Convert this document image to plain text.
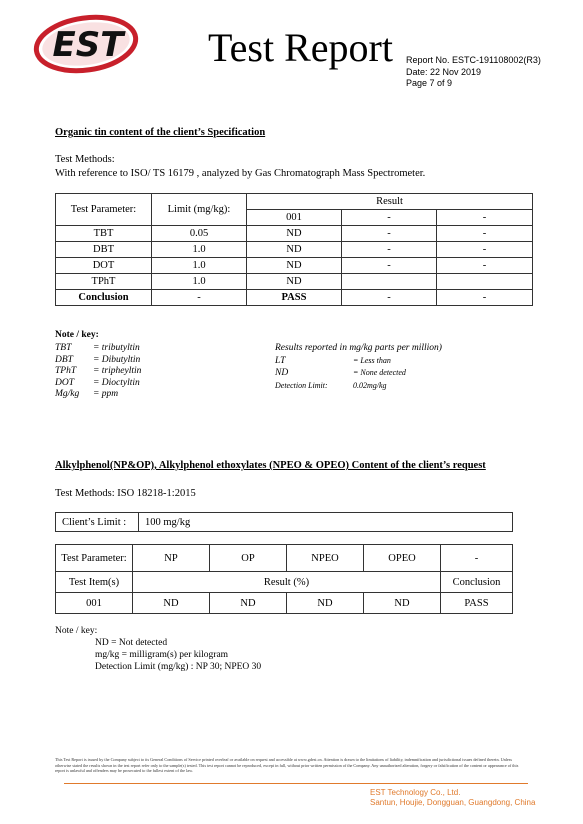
EST Test Report Report No. ESTC-191108002(R3)
Date: 22 Nov 2019
Page 7 of 9
Organic tin content of the client’s Specification
Test Methods:
With reference to ISO/ TS 16179 , analyzed by Gas Chromatograph Mass Spectrometer.
Test Parameter:	Limit (mg/kg):	Result		
		001	-	-
TBT	0.05	ND	-	-
DBT	1.0	ND	-	-
DOT	1.0	ND	-	-
TPhT	1.0	ND		
Conclusion	-	PASS	-	-
Note / key:
TBT = tributyltin
DBT = Dibutyltin
TPhT = tripheyltin
DOT = Dioctyltin
Mg/kg = ppm
Results reported in mg/kg parts per million)
LT	= Less than
ND	= None detected
Detection Limit:	0.02mg/kg
Alkylphenol(NP&OP), Alkylphenol ethoxylates (NPEO & OPEO) Content of the client’s request
Test Methods: ISO 18218-1:2015
Client’s Limit :	100 mg/kg
Test Parameter:	NP	OP	NPEO	OPEO	-
Test Item(s)	Result (%)				Conclusion
001	ND	ND	ND	ND	PASS
Note / key:
ND = Not detected
mg/kg = milligram(s) per kilogram
Detection Limit (mg/kg) : NP 30; NPEO 30
This Test Report is issued by the Company subject to its General Conditions of Service printed overleaf or available on request and accessible at www.gdest.cn. Attention is drawn to the limitations of liability, indemnification and jurisdictional issues defined therein. Unless otherwise stated the results shown in the test report refer only to the sample(s) tested. This test report cannot be reproduced, except in full, without prior written permission of the Company. Any unauthorized alteration, forgery or falsification of the content or appearance of this report is unlawful and offenders may be prosecuted to the fullest extent of the law.
EST Technology Co., Ltd.
Santun, Houjie, Dongguan, Guangdong, China
